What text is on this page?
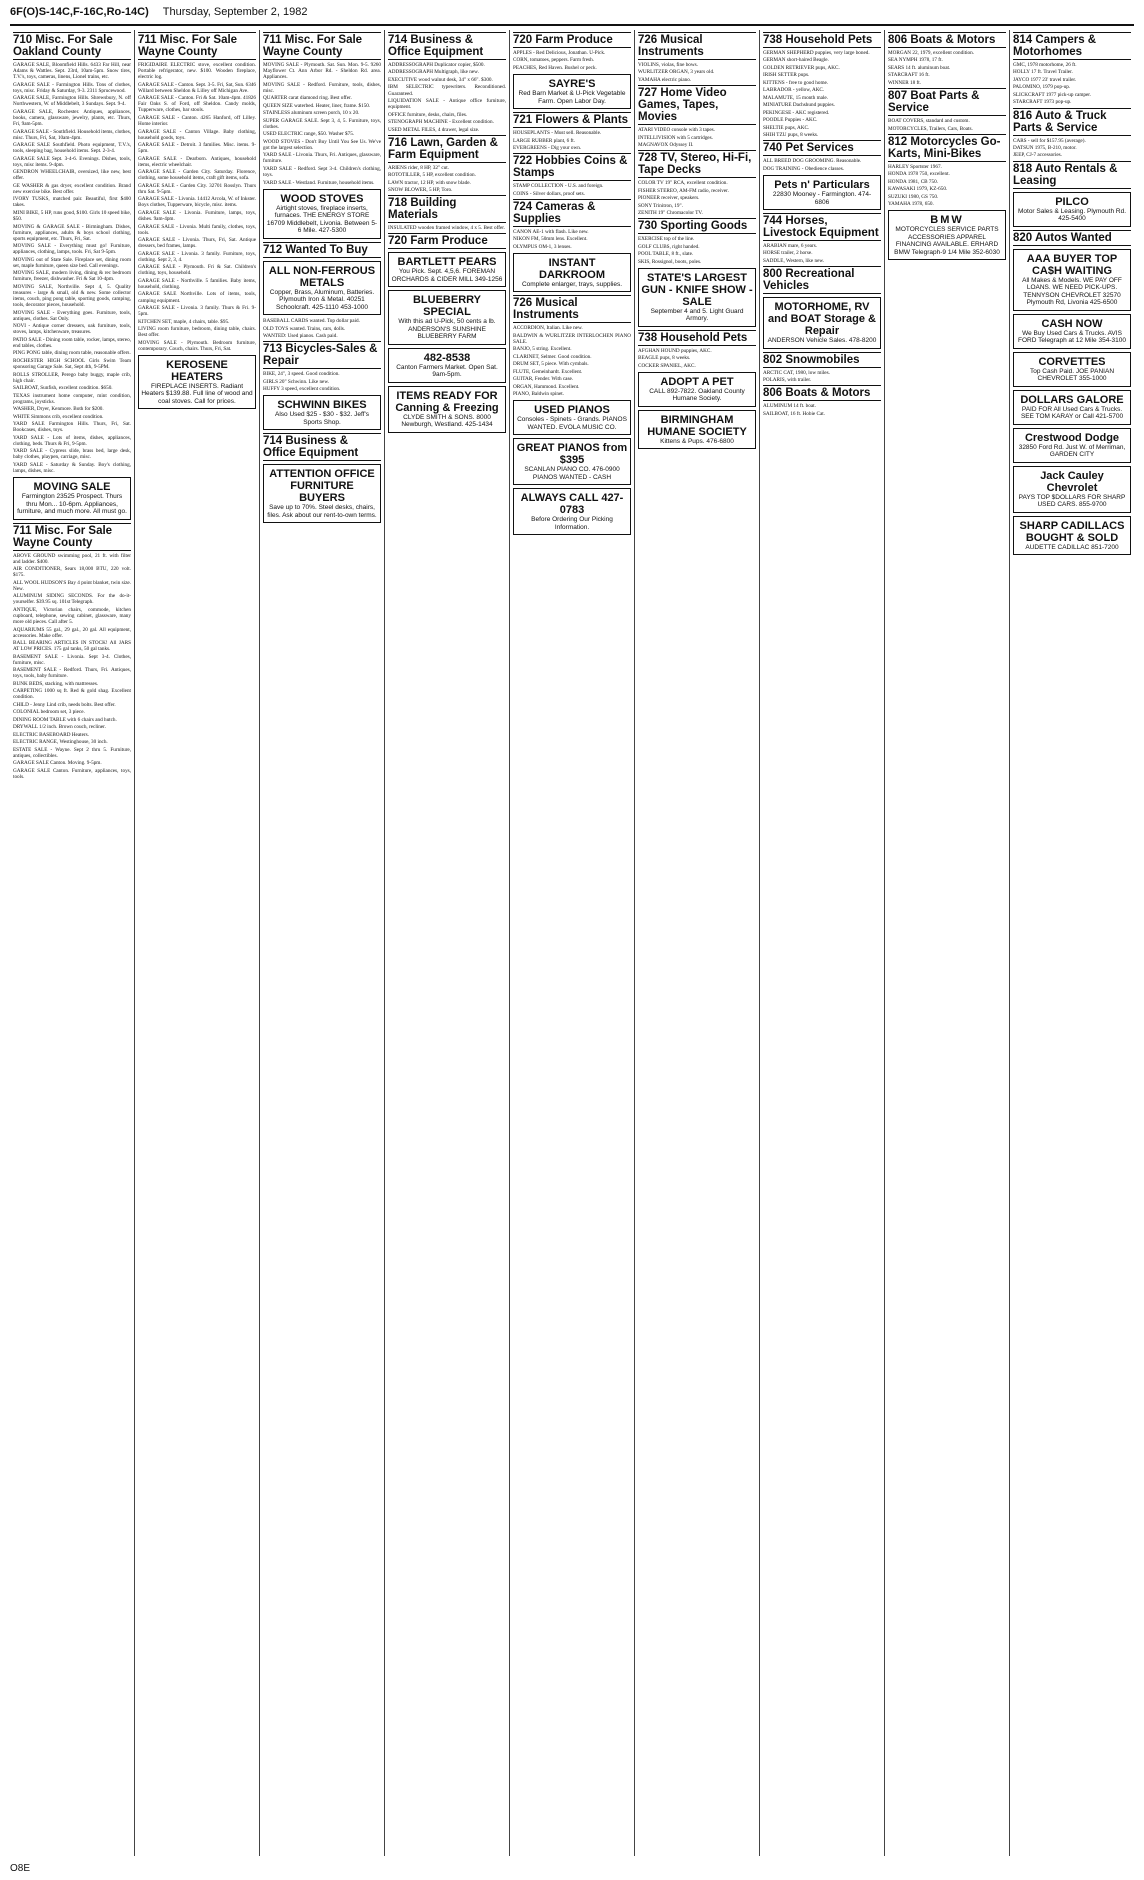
6F(O)S-14C,F-16C,Ro-14C) Thursday, September 2, 1982
710 Misc. For Sale Oakland County

GARAGE SALE, Bloomfield Hills. 6433 Far Hill, near Adams & Wattles. Sept. 23rd, 10am-5pm. Snow tires, T.V.'s, toys, cameras, linens, Lionel trains, etc.

GARAGE SALE - Farmington Hills. Tons of clothes, toys, misc. Friday & Saturday, 9-3. 2311 Sprucewood.

GARAGE SALE, Farmington Hills. Shrewsbury, N. off Northwestern, W. of Middlebelt, 3 Sundays. Sept. 9-4.

GARAGE SALE, Rochester. Antiques, appliances, books, camera, glassware, jewelry, plants, etc. Thurs, Fri, 9am-5pm.

GARAGE SALE - Southfield. Household items, clothes, misc. Thurs, Fri, Sat, 10am-4pm.

GARAGE SALE Southfield. Photo equipment, T.V.'s, tools, sleeping bag, household items. Sept. 2-3-4.

GARAGE SALE Sept. 3-4-6. Evenings. Dishes, tools, toys, misc items. 9-4pm.

GENDRON WHEELCHAIR, oversized, like new, best offer.

GE WASHER & gas dryer, excellent condition. Brand new exercise bike. Best offer.

IVORY TUSKS, matched pair. Beautiful, first $400 takes.

MINI BIKE, 5 HP, runs good, $100. Girls 10 speed bike, $50.

MOVING & GARAGE SALE - Birmingham. Dishes, furniture, appliances, adults & boys school clothing, sports equipment, etc. Thurs, Fri, Sat.

MOVING SALE - Everything must go! Furniture, appliances, clothing, lamps, tools. Fri, Sat 9-5pm.

MOVING out of State Sale. Fireplace set, dining room set, maple furniture, queen size bed. Call evenings.

MOVING SALE, modern living, dining & rec bedroom furniture, freezer, dishwasher. Fri & Sat 10-4pm.

MOVING SALE, Northville. Sept 4, 5. Quality treasures - large & small, old & new. Some collector items, couch, ping pong table, sporting goods, camping, tools, decorator pieces, household.

MOVING SALE - Everything goes. Furniture, tools, antiques, clothes. Sat Only.

NOVI - Antique corner dressers, oak furniture, tools, stoves, lamps, kitchenware, treasures.

PATIO SALE - Dining room table, rocker, lamps, stereo, end tables, clothes.

PING PONG table, dining room table, reasonable offers.

ROCHESTER HIGH SCHOOL Girls Swim Team sponsoring Garage Sale. Sat, Sept 4th, 9-5PM.

ROLLS STROLLER, Perego baby buggy, maple crib, high chair.

SAILBOAT, Sunfish, excellent condition. $650.

TEXAS instrument home computer, mint condition, programs, joysticks.

WASHER, Dryer, Kenmore. Both for $200.

WHITE Simmons crib, excellent condition.

YARD SALE Farmington Hills. Thurs, Fri, Sat. Bookcases, dishes, toys.

YARD SALE - Lots of items, dishes, appliances, clothing, beds. Thurs & Fri, 9-5pm.

YARD SALE - Cypress slide, brass bed, large desk, baby clothes, playpen, carriage, misc.

YARD SALE - Saturday & Sunday. Boy's clothing, lamps, dishes, misc.

MOVING SALE
Farmington 23525 Prospect. Thurs thru Mon... 10-6pm. Appliances, furniture, and much more. All must go.
711 Misc. For Sale Wayne County

ABOVE GROUND swimming pool, 21 ft. with filter and ladder. $400.

AIR CONDITIONER, Sears 18,000 BTU, 220 volt. $175.

ALL WOOL HUDSON'S Bay 4 point blanket, twin size. New.

ALUMINUM SIDING SECONDS. For the do-it-yourselfer. $39.95 sq. 101st Telegraph.

ANTIQUE, Victorian chairs, commode, kitchen cupboard, telephone, sewing cabinet, glassware, many more old pieces. Call after 5.

AQUARIUMS 55 gal., 29 gal., 20 gal. All equipment, accessories. Make offer.

BALL BEARING ARTICLES IN STOCK! All JARS AT LOW PRICES. 175 gal tanks, 50 gal tanks.

BASEMENT SALE - Livonia. Sept 3-4. Clothes, furniture, misc.

BASEMENT SALE - Redford. Thurs, Fri. Antiques, toys, tools, baby furniture.

BUNK BEDS, stacking, with mattresses.

CARPETING 1000 sq ft. Red & gold shag. Excellent condition.

CHILD - Jenny Lind crib, needs bolts. Best offer.

COLONIAL bedroom set, 3 piece.

DINING ROOM TABLE with 6 chairs and hutch.

DRYWALL 1/2 inch. Brown couch, recliner.

ELECTRIC BASEBOARD Heaters.

ELECTRIC RANGE, Westinghouse, 30 inch.

ESTATE SALE - Wayne. Sept 2 thru 5. Furniture, antiques, collectibles.

GARAGE SALE Canton. Moving. 9-5pm.

GARAGE SALE Canton. Furniture, appliances, toys, tools.

711 Misc. For Sale Wayne County

FRIGIDAIRE ELECTRIC stove, excellent condition. Portable refrigerator, new. $100. Wooden fireplace, electric log.

GARAGE SALE - Canton. Sept. 3-5. Fri, Sat, Sun. 6346 Willard between Sheldon & Lilley off Michigan Ave.

GARAGE SALE - Canton. Fri & Sat. 10am-4pm. 41826 Fair Oaks S. of Ford, off Sheldon. Candy molds, Tupperware, clothes, bar stools.

GARAGE SALE - Canton. 4265 Hanford, off Lilley. Home interior.

GARAGE SALE - Canton Village. Baby clothing, household goods, toys.

GARAGE SALE - Detroit. 3 families. Misc. items. 9-5pm.

GARAGE SALE - Dearborn. Antiques, household items, electric wheelchair.

GARAGE SALE - Garden City. Saturday. Florence, clothing, some household items, craft gift items, sofa.

GARAGE SALE - Garden City. 32701 Rosslyn. Thurs thru Sat. 9-5pm.

GARAGE SALE - Livonia. 14412 Arcola, W. of Inkster. Boys clothes, Tupperware, bicycle, misc. items.

GARAGE SALE - Livonia. Furniture, lamps, toys, dishes. 9am-4pm.

GARAGE SALE - Livonia. Multi family, clothes, toys, tools.

GARAGE SALE - Livonia. Thurs, Fri, Sat. Antique dressers, bed frames, lamps.

GARAGE SALE - Livonia. 3 family. Furniture, toys, clothing. Sept 2, 3, 4.

GARAGE SALE - Plymouth. Fri & Sat. Children's clothing, toys, household.

GARAGE SALE - Northville. 5 families. Baby items, household, clothing.

GARAGE SALE Northville. Lots of items, tools, camping equipment.

GARAGE SALE - Livonia. 3 family. Thurs & Fri. 9-5pm.

KITCHEN SET, maple, 4 chairs, table. $95.

LIVING room furniture, bedroom, dining table, chairs. Best offer.

MOVING SALE - Plymouth. Bedroom furniture, contemporary. Couch, chairs. Thurs, Fri, Sat.

KEROSENE HEATERS
FIREPLACE INSERTS. Radiant Heaters $139.88. Full line of wood and coal stoves. Call for prices.
711 Misc. For Sale Wayne County

MOVING SALE - Plymouth. Sat. Sun. Mon. 9-5. 9260 Mayflower Ct. Ann Arbor Rd. - Sheldon Rd. area. Appliances.

MOVING SALE - Redford. Furniture, tools, dishes, misc.

QUARTER carat diamond ring. Best offer.

QUEEN SIZE waterbed. Heater, liner, frame. $150.

STAINLESS aluminum screen porch, 10 x 20.

SUPER GARAGE SALE. Sept 3, 4, 5. Furniture, toys, clothes.

USED ELECTRIC range, $50. Washer $75.

WOOD STOVES - Don't Buy Until You See Us. We've got the largest selection.

YARD SALE - Livonia. Thurs, Fri. Antiques, glassware, furniture.

YARD SALE - Redford. Sept 3-4. Children's clothing, toys.

YARD SALE - Westland. Furniture, household items.

WOOD STOVES
Airtight stoves, fireplace inserts, furnaces. THE ENERGY STORE 16709 Middlebelt, Livonia. Between 5-6 Mile. 427-5300
712 Wanted To Buy
ALL NON-FERROUS METALS
Copper, Brass, Aluminum, Batteries. Plymouth Iron & Metal. 40251 Schoolcraft. 425-1110 453-1000

BASEBALL CARDS wanted. Top dollar paid.

OLD TOYS wanted. Trains, cars, dolls.

WANTED: Used pianos. Cash paid.

713 Bicycles-Sales & Repair

BIKE, 24", 3 speed. Good condition.

GIRLS 20" Schwinn. Like new.

HUFFY 3 speed, excellent condition.

SCHWINN BIKES
Also Used $25 - $30 - $32. Jeff's Sports Shop.
714 Business & Office Equipment
ATTENTION OFFICE FURNITURE BUYERS
Save up to 70%. Steel desks, chairs, files. Ask about our rent-to-own terms.
714 Business & Office Equipment

ADDRESSOGRAPH Duplicator copier, $500.

ADDRESSOGRAPH Multigraph, like new.

EXECUTIVE wood walnut desk, 34" x 66". $300.

IBM SELECTRIC typewriters. Reconditioned. Guaranteed.

LIQUIDATION SALE - Antique office furniture, equipment.

OFFICE furniture, desks, chairs, files.

STENOGRAPH MACHINE - Excellent condition.

USED METAL FILES, 4 drawer, legal size.

716 Lawn, Garden & Farm Equipment

ARIENS rider, 8 HP, 32" cut.

ROTOTILLER, 5 HP, excellent condition.

LAWN tractor, 12 HP, with snow blade.

SNOW BLOWER, 5 HP, Toro.

718 Building Materials

INSULATED wooden framed window, 4 x 5. Best offer.

720 Farm Produce
BARTLETT PEARS
You Pick. Sept. 4,5,6. FOREMAN ORCHARDS & CIDER MILL 349-1256
BLUEBERRY SPECIAL
With this ad U-Pick, 50 cents a lb. ANDERSON'S SUNSHINE BLUEBERRY FARM
482-8538
Canton Farmers Market. Open Sat. 9am-5pm.
ITEMS READY FOR Canning & Freezing
CLYDE SMITH & SONS. 8000 Newburgh, Westland. 425-1434
720 Farm Produce

APPLES - Red Delicious, Jonathan. U-Pick.

CORN, tomatoes, peppers. Farm fresh.

PEACHES, Red Haven. Bushel or peck.

SAYRE'S
Red Barn Market & U-Pick Vegetable Farm. Open Labor Day.
721 Flowers & Plants

HOUSEPLANTS - Must sell. Reasonable.

LARGE RUBBER plant, 6 ft.

EVERGREENS - Dig your own.

722 Hobbies Coins & Stamps

STAMP COLLECTION - U.S. and foreign.

COINS - Silver dollars, proof sets.

724 Cameras & Supplies

CANON AE-1 with flash. Like new.

NIKON FM, 50mm lens. Excellent.

OLYMPUS OM-1, 3 lenses.

INSTANT DARKROOM
Complete enlarger, trays, supplies.
726 Musical Instruments

ACCORDION, Italian. Like new.

BALDWIN & WURLITZER INTERLOCHEN PIANO SALE.

BANJO, 5 string. Excellent.

CLARINET, Selmer. Good condition.

DRUM SET, 5 piece. With cymbals.

FLUTE, Gemeinhardt. Excellent.

GUITAR, Fender. With case.

ORGAN, Hammond. Excellent.

PIANO, Baldwin spinet.

USED PIANOS
Consoles - Spinets - Grands. PIANOS WANTED. EVOLA MUSIC CO.
GREAT PIANOS from $395
SCANLAN PIANO CO. 476-0900 PIANOS WANTED - CASH
ALWAYS CALL 427-0783
Before Ordering Our Picking Information.
726 Musical Instruments

VIOLINS, violas, fine bows.

WURLITZER ORGAN, 3 years old.

YAMAHA electric piano.

727 Home Video Games, Tapes, Movies

ATARI VIDEO console with 3 tapes.

INTELLIVISION with 5 cartridges.

MAGNAVOX Odyssey II.

728 TV, Stereo, Hi-Fi, Tape Decks

COLOR TV 19" RCA, excellent condition.

FISHER STEREO, AM-FM radio, receiver.

PIONEER receiver, speakers.

SONY Trinitron, 19".

ZENITH 19" Chromacolor TV.

730 Sporting Goods

EXERCISE top of the line.

GOLF CLUBS, right handed.

POOL TABLE, 8 ft., slate.

SKIS, Rossignol, boots, poles.

STATE'S LARGEST GUN - KNIFE SHOW - SALE
September 4 and 5. Light Guard Armory.
738 Household Pets

AFGHAN HOUND puppies, AKC.

BEAGLE pups, 8 weeks.

COCKER SPANIEL, AKC.

ADOPT A PET
CALL 892-7822. Oakland County Humane Society.
BIRMINGHAM HUMANE SOCIETY
Kittens & Pups. 476-6800
738 Household Pets

GERMAN SHEPHERD puppies, very large boned.

GERMAN short-haired Beagle.

GOLDEN RETRIEVER pups, AKC.

IRISH SETTER pups.

KITTENS - free to good home.

LABRADOR - yellow, AKC.

MALAMUTE, 15 month male.

MINIATURE Dachshund puppies.

PEKINGESE - AKC registered.

POODLE Puppies - AKC.

SHELTIE pups, AKC.

SHIH TZU pups, 8 weeks.

740 Pet Services

ALL BREED DOG GROOMING. Reasonable.

DOG TRAINING - Obedience classes.

Pets n' Particulars
22830 Mooney - Farmington. 474-6806
744 Horses, Livestock Equipment

ARABIAN mare, 6 years.

HORSE trailer, 2 horse.

SADDLE, Western, like new.

800 Recreational Vehicles
MOTORHOME, RV and BOAT Storage & Repair
ANDERSON Vehicle Sales. 478-8200
802 Snowmobiles

ARCTIC CAT, 1980, low miles.

POLARIS, with trailer.

806 Boats & Motors

ALUMINUM 14 ft. boat.

SAILBOAT, 16 ft. Hobie Cat.

806 Boats & Motors

MORGAN 22, 1979, excellent condition.

SEA NYMPH 1978, 17 ft.

SEARS 14 ft. aluminum boat.

STARCRAFT 16 ft.

WINNER 18 ft.

807 Boat Parts & Service

BOAT COVERS, standard and custom.

MOTORCYCLES, Trailers, Cars, Boats.

812 Motorcycles Go-Karts, Mini-Bikes

HARLEY Sportster 1967.

HONDA 1978 750, excellent.

HONDA 1981, CB 750.

KAWASAKI 1979, KZ-650.

SUZUKI 1980, GS 750.

YAMAHA 1978, 650.

BMW
MOTORCYCLES SERVICE PARTS ACCESSORIES APPAREL FINANCING AVAILABLE. ERHARD BMW Telegraph-9 1/4 Mile 352-6030
814 Campers & Motorhomes

GMC, 1978 motorhome, 26 ft.

HOLLY 17 ft. Travel Trailer.

JAYCO 1977 23' travel trailer.

PALOMINO, 1979 pop-up.

SLICKCRAFT 1977 pick-up camper.

STARCRAFT 1973 pop-up.

816 Auto & Truck Parts & Service

CARS - sell for $157.95 (average).

DATSUN 1975, B-210, motor.

JEEP, CJ-7 accessories.

818 Auto Rentals & Leasing
PILCO
Motor Sales & Leasing. Plymouth Rd. 425-5400
820 Autos Wanted
AAA BUYER TOP CA$H WAITING
All Makes & Models. WE PAY OFF LOANS. WE NEED PICK-UPS. TENNYSON CHEVROLET 32570 Plymouth Rd, Livonia 425-6500
CASH NOW
We Buy Used Cars & Trucks. AVIS FORD Telegraph at 12 Mile 354-3100
CORVETTES
Top Cash Paid. JOE PANIAN CHEVROLET 355-1000
DOLLARS GALORE
PAID FOR All Used Cars & Trucks. SEE TOM KARAY or Call 421-5700
Crestwood Dodge
32850 Ford Rd. Just W. of Merriman, GARDEN CITY
Jack Cauley Chevrolet
PAYS TOP $DOLLARS FOR SHARP USED CARS. 855-9700
SHARP CADILLACS BOUGHT & SOLD
AUDETTE CADILLAC 851-7200
O8E
